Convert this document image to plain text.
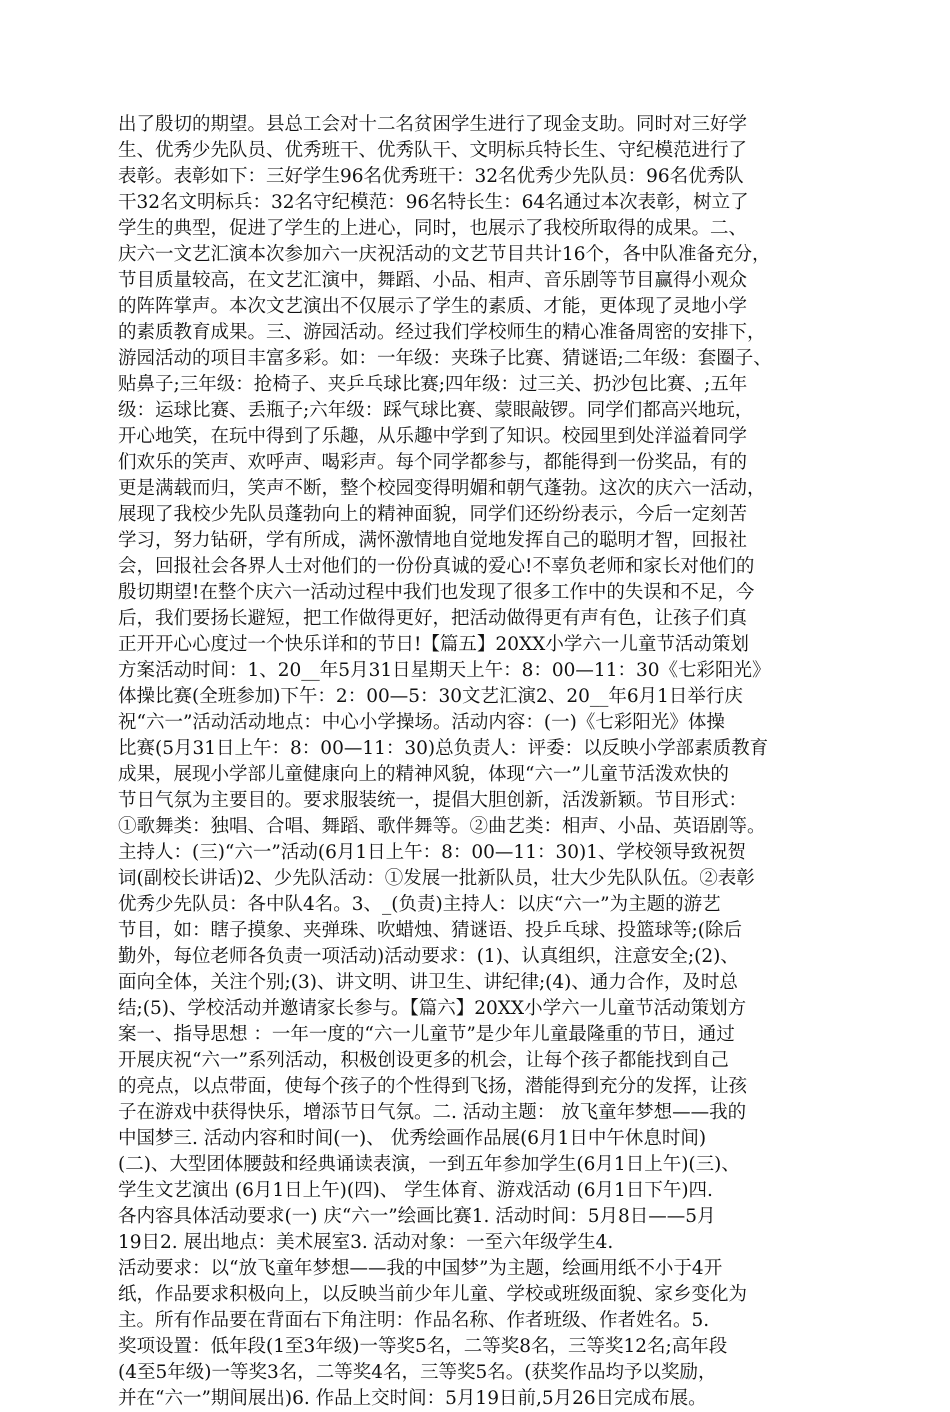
出了殷切的期望。县总工会对十二名贫困学生进行了现金支助。同时对三好学
生、优秀少先队员、优秀班干、优秀队干、文明标兵特长生、守纪模范进行了
表彰。表彰如下：三好学生96名优秀班干：32名优秀少先队员：96名优秀队
干32名文明标兵：32名守纪模范：96名特长生：64名通过本次表彰，树立了
学生的典型，促进了学生的上进心，同时，也展示了我校所取得的成果。二、
庆六一文艺汇演本次参加六一庆祝活动的文艺节目共计16个，各中队准备充分，
节目质量较高，在文艺汇演中，舞蹈、小品、相声、音乐剧等节目赢得小观众
的阵阵掌声。本次文艺演出不仅展示了学生的素质、才能，更体现了灵地小学
的素质教育成果。三、游园活动。经过我们学校师生的精心准备周密的安排下，
游园活动的项目丰富多彩。如：一年级：夹珠子比赛、猜谜语;二年级：套圈子、
贴鼻子;三年级：抢椅子、夹乒乓球比赛;四年级：过三关、扔沙包比赛、;五年
级：运球比赛、丢瓶子;六年级：踩气球比赛、蒙眼敲锣。同学们都高兴地玩，
开心地笑，在玩中得到了乐趣，从乐趣中学到了知识。校园里到处洋溢着同学
们欢乐的笑声、欢呼声、喝彩声。每个同学都参与，都能得到一份奖品，有的
更是满载而归，笑声不断，整个校园变得明媚和朝气蓬勃。这次的庆六一活动，
展现了我校少先队员蓬勃向上的精神面貌，同学们还纷纷表示，今后一定刻苦
学习，努力钻研，学有所成，满怀激情地自觉地发挥自己的聪明才智，回报社
会，回报社会各界人士对他们的一份份真诚的爱心!不辜负老师和家长对他们的
殷切期望!在整个庆六一活动过程中我们也发现了很多工作中的失误和不足，今
后，我们要扬长避短，把工作做得更好，把活动做得更有声有色，让孩子们真
正开开心心度过一个快乐详和的节日!【篇五】20XX小学六一儿童节活动策划
方案活动时间：1、20__年5月31日星期天上午：8：00—11：30《七彩阳光》
体操比赛(全班参加)下午：2：00—5：30文艺汇演2、20__年6月1日举行庆
祝“六一”活动活动地点：中心小学操场。活动内容：(一)《七彩阳光》体操
比赛(5月31日上午：8：00—11：30)总负责人：评委：以反映小学部素质教育
成果，展现小学部儿童健康向上的精神风貌，体现“六一”儿童节活泼欢快的
节日气氛为主要目的。要求服装统一，提倡大胆创新，活泼新颖。节目形式：
①歌舞类：独唱、合唱、舞蹈、歌伴舞等。②曲艺类：相声、小品、英语剧等。
主持人：(三)“六一”活动(6月1日上午：8：00—11：30)1、学校领导致祝贺
词(副校长讲话)2、少先队活动：①发展一批新队员，壮大少先队队伍。②表彰
优秀少先队员：各中队4名。3、_(负责)主持人：以庆“六一”为主题的游艺
节目，如：瞎子摸象、夹弹珠、吹蜡烛、猜谜语、投乒乓球、投篮球等;(除后
勤外，每位老师各负责一项活动)活动要求：(1)、认真组织，注意安全;(2)、
面向全体，关注个别;(3)、讲文明、讲卫生、讲纪律;(4)、通力合作，及时总
结;(5)、学校活动并邀请家长参与。【篇六】20XX小学六一儿童节活动策划方
案一、指导思想 ：一年一度的“六一儿童节”是少年儿童最隆重的节日，通过
开展庆祝“六一”系列活动，积极创设更多的机会，让每个孩子都能找到自己
的亮点，以点带面，使每个孩子的个性得到飞扬，潜能得到充分的发挥，让孩
子在游戏中获得快乐，增添节日气氛。二. 活动主题： 放飞童年梦想——我的
中国梦三. 活动内容和时间(一)、 优秀绘画作品展(6月1日中午休息时间)
(二)、大型团体腰鼓和经典诵读表演，一到五年参加学生(6月1日上午)(三)、
学生文艺演出 (6月1日上午)(四)、 学生体育、游戏活动 (6月1日下午)四.
各内容具体活动要求(一) 庆“六一”绘画比赛1. 活动时间：5月8日——5月
19日2. 展出地点：美术展室3. 活动对象：一至六年级学生4.
活动要求：以“放飞童年梦想——我的中国梦”为主题，绘画用纸不小于4开
纸，作品要求积极向上，以反映当前少年儿童、学校或班级面貌、家乡变化为
主。所有作品要在背面右下角注明：作品名称、作者班级、作者姓名。5.
奖项设置：低年段(1至3年级)一等奖5名，二等奖8名，三等奖12名;高年段
(4至5年级)一等奖3名，二等奖4名，三等奖5名。(获奖作品均予以奖励，
并在“六一”期间展出)6. 作品上交时间：5月19日前,5月26日完成布展。
